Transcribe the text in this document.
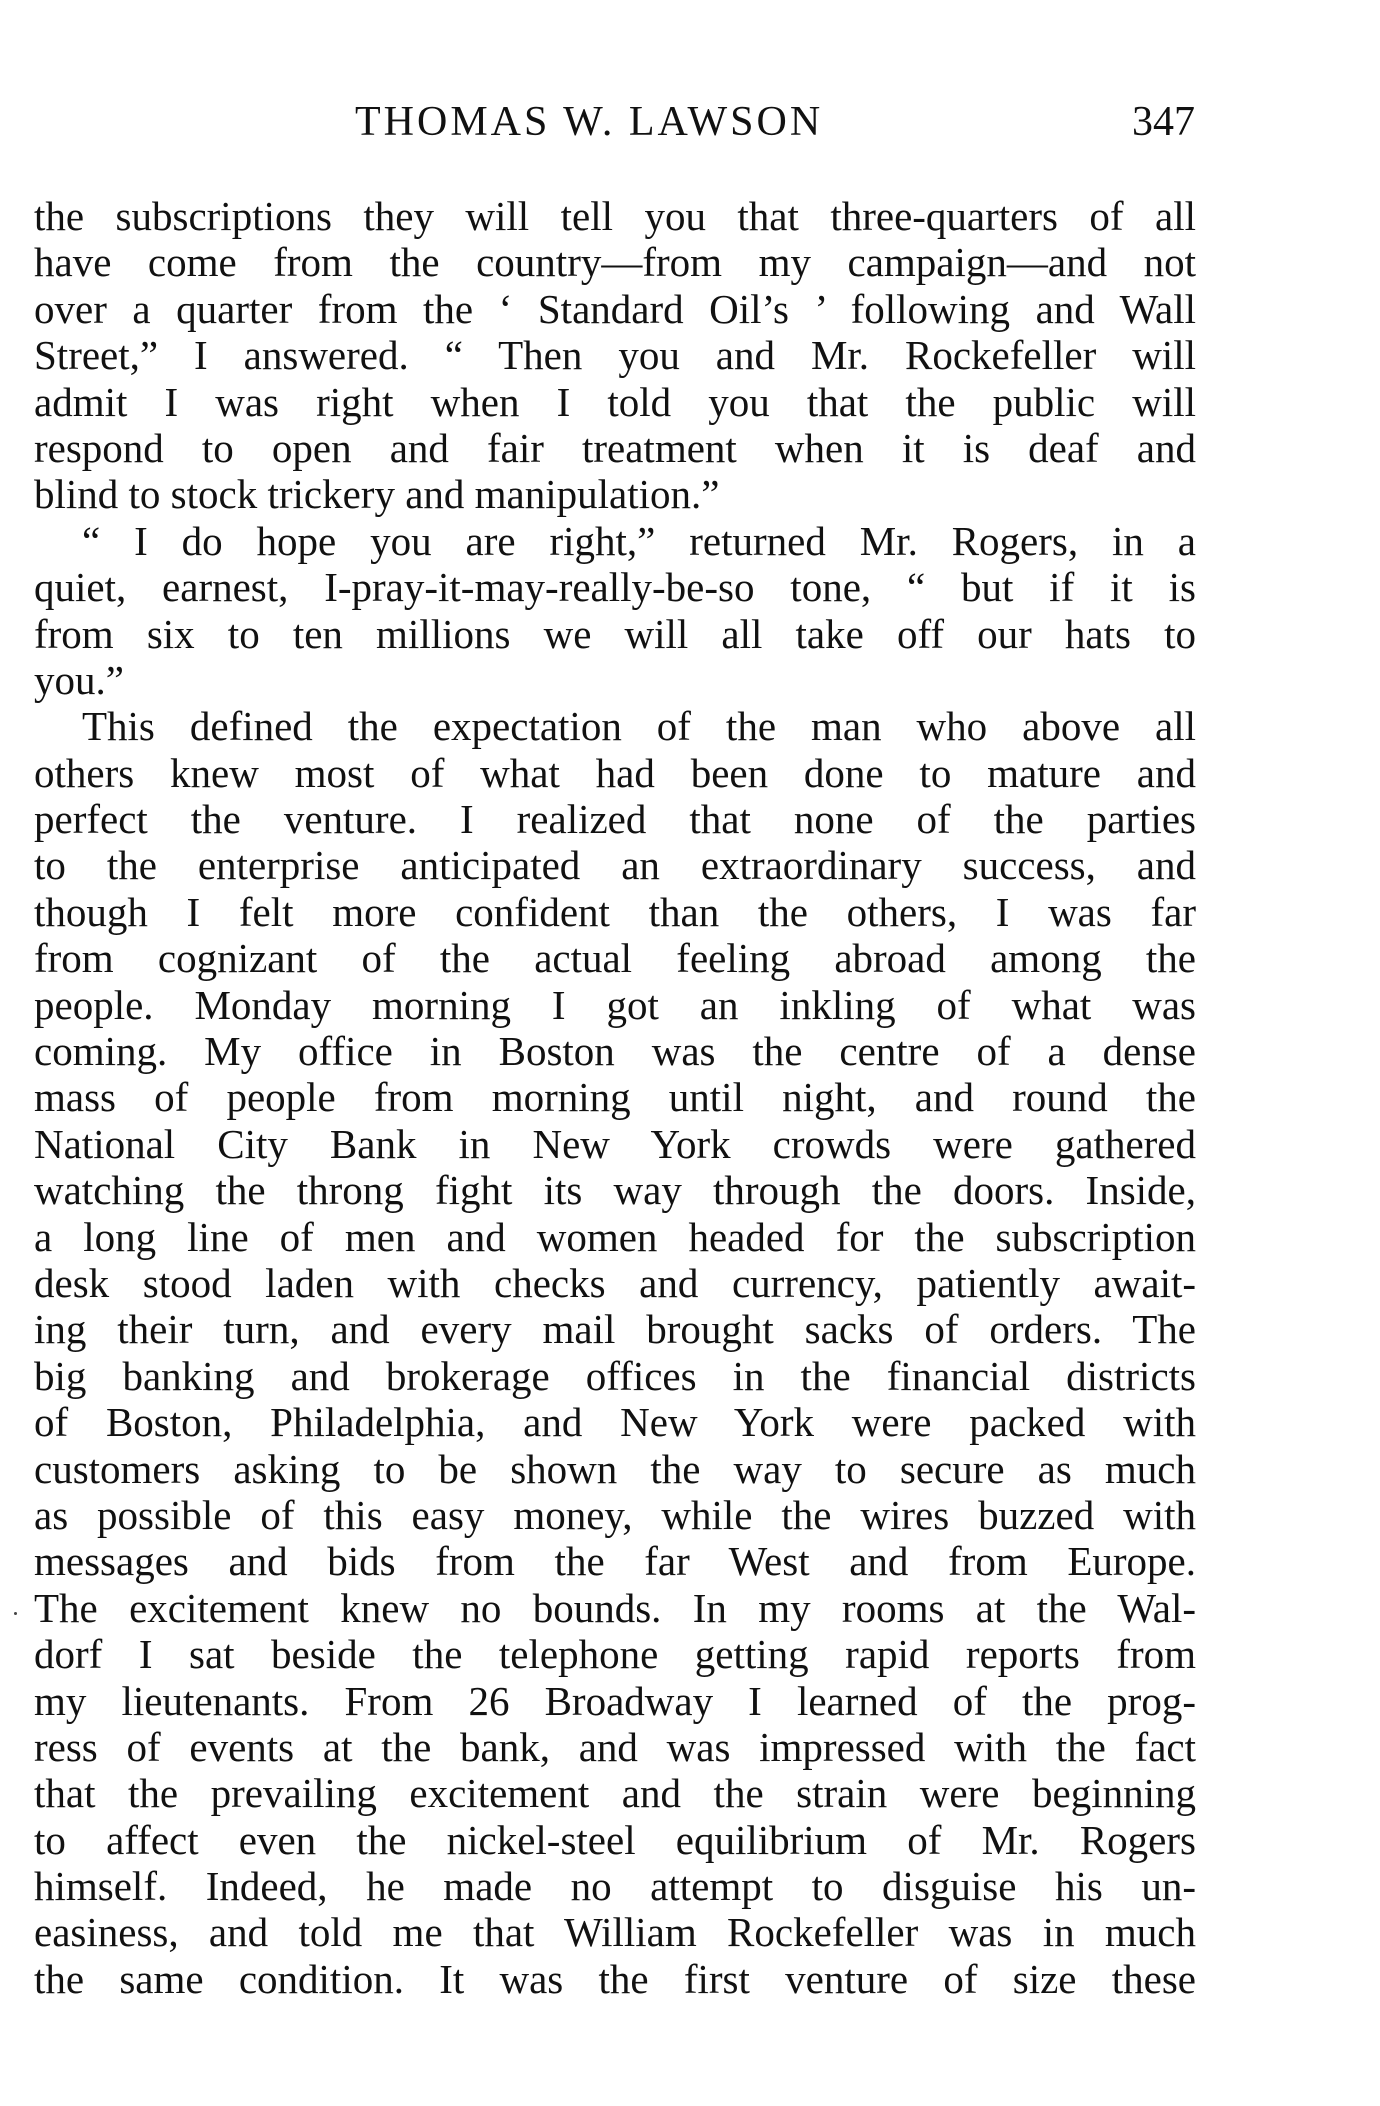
THOMAS W. LAWSON	347
the subscriptions they will tell you that three-quarters of all
have come from the country—from my campaign—and not
over a quarter from the ‘ Standard Oil’s ’ following and Wall
Street,” I answered. “ Then you and Mr. Rockefeller will
admit I was right when I told you that the public will
respond to open and fair treatment when it is deaf and
blind to stock trickery and manipulation.”
“ I do hope you are right,” returned Mr. Rogers, in a
quiet, earnest, I-pray-it-may-really-be-so tone, “ but if it is
from six to ten millions we will all take off our hats to
you.”
This defined the expectation of the man who above all
others knew most of what had been done to mature and
perfect the venture. I realized that none of the parties
to the enterprise anticipated an extraordinary success, and
though I felt more confident than the others, I was far
from cognizant of the actual feeling abroad among the
people. Monday morning I got an inkling of what was
coming. My office in Boston was the centre of a dense
mass of people from morning until night, and round the
National City Bank in New York crowds were gathered
watching the throng fight its way through the doors. Inside,
a long line of men and women headed for the subscription
desk stood laden with checks and currency, patiently await-
ing their turn, and every mail brought sacks of orders. The
big banking and brokerage offices in the financial districts
of Boston, Philadelphia, and New York were packed with
customers asking to be shown the way to secure as much
as possible of this easy money, while the wires buzzed with
messages and bids from the far West and from Europe.
The excitement knew no bounds. In my rooms at the Wal-
dorf I sat beside the telephone getting rapid reports from
my lieutenants. From 26 Broadway I learned of the prog-
ress of events at the bank, and was impressed with the fact
that the prevailing excitement and the strain were beginning
to affect even the nickel-steel equilibrium of Mr. Rogers
himself. Indeed, he made no attempt to disguise his un-
easiness, and told me that William Rockefeller was in much
the same condition. It was the first venture of size these
